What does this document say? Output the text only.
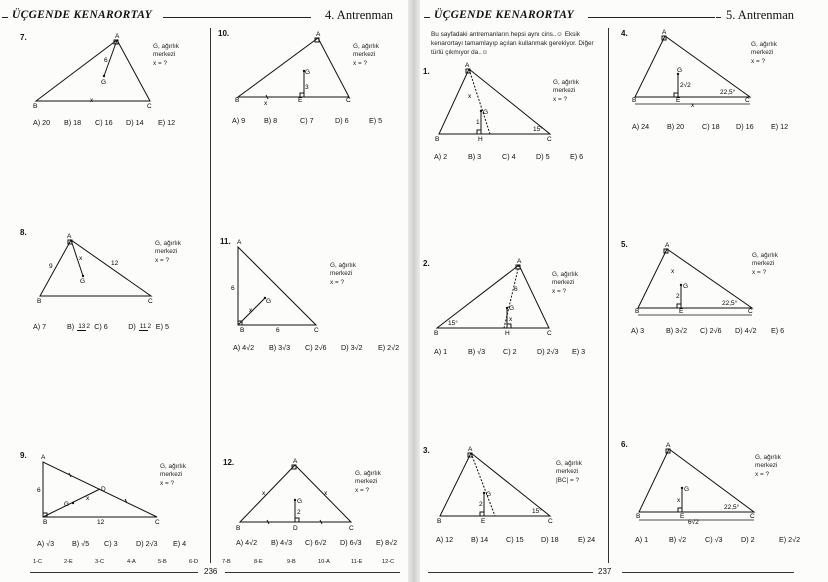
ÜÇGENDE KENARORTAY	4. Antrenman
7.	A
B	C
G
6
x
G, ağırlık
merkezi
x = ?
A) 20	B) 18	C) 16	D) 14	E) 12
8.	A
B	C
G
9	12
x
G, ağırlık
merkezi
x = ?
A) 7	B) 132 C) 6	D) 112 E) 5
9. A
B	C
D
G
6
12
x
G, ağırlık
merkezi
x = ?
A) √3	B) √5	C) 3	D) 2√3	E) 4
10.	A
B	C
E
G
3
x
G, ağırlık
merkezi
x = ?
A) 9	B) 8	C) 7	D) 6	E) 5
11. A
B	C
G
6
6
x
G, ağırlık
merkezi
x = ?
A) 4√2	B) 3√3	C) 2√6	D) 3√2	E) 2√2
12.	A
B	C
D
G
2
x	x
G, ağırlık
merkezi
x = ?
A) 4√2	B) 4√3	C) 6√2	D) 6√3	E) 8√2
1-C	2-E	3-C	4-A	5-B	6-D	7-B	8-E	9-B	10-A	11-E	12-C
236
ÜÇGENDE KENARORTAY	5. Antrenman
Bu sayfadaki antremanların hepsi aynı cins..☺ Eksik kenarortayı tamamlayıp açılan kullanmak gerekiyor. Diğer türlü çıkmıyor da..☺
1.
A
B	C
H
G
1
x
15°
G, ağırlık
merkezi
x = ?
A) 2	B) 3	C) 4	D) 5	E) 6
2.	A
B	C
H
G
6
x
15°
G, ağırlık
merkezi
x = ?
A) 1	B) √3	C) 2	D) 2√3	E) 3
3.	A
B	C
E
G
2
15°
G, ağırlık
merkezi
|BC| = ?
A) 12	B) 14	C) 15	D) 18	E) 24
4.	A
B	C
E
G
2√2
x
22,5°
G, ağırlık
merkezi
x = ?
A) 24	B) 20	C) 18	D) 16	E) 12
5.	A
B	C
E
G
2
x
22,5°
G, ağırlık
merkezi
x = ?
A) 3	B) 3√2	C) 2√6	D) 4√2	E) 6
6.	A
B	C
E
G
x
6√2
22,5°
G, ağırlık
merkezi
x = ?
A) 1	B) √2	C) √3	D) 2	E) 2√2
237
